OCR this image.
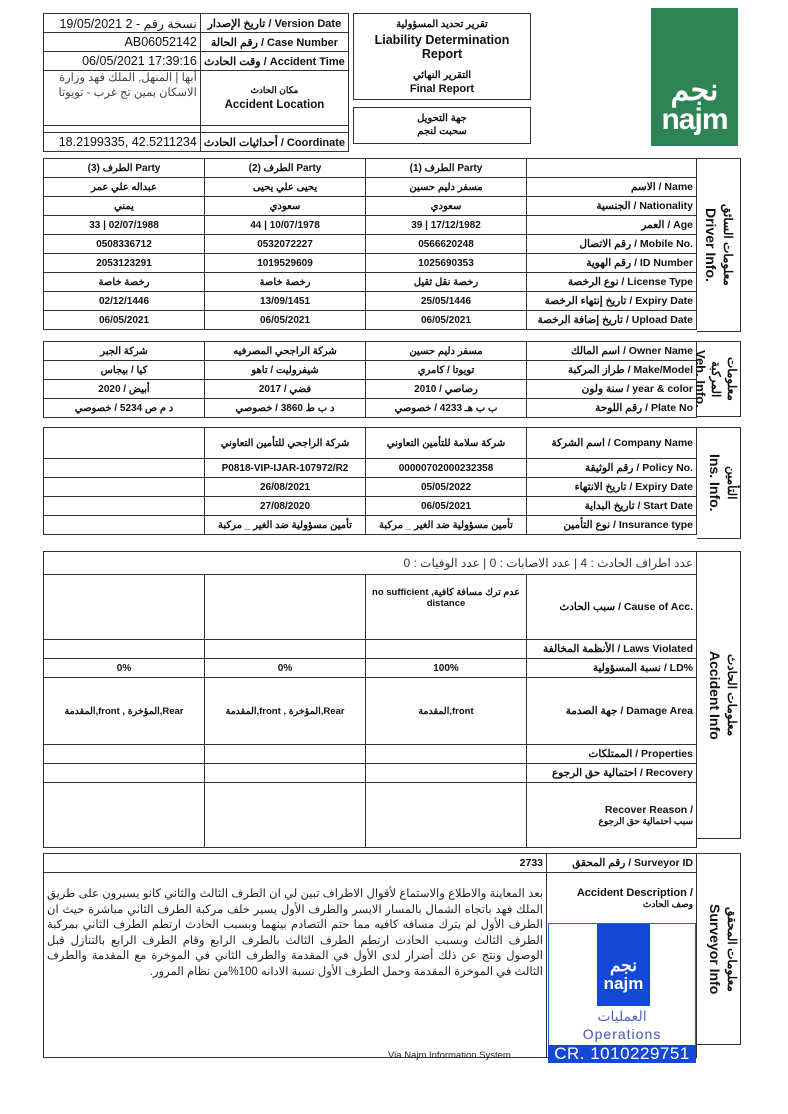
19/05/2021 نسخة رقم - 2	تاريخ الإصدار / Version Date
AB06052142	رقم الحالة / Case Number
06/05/2021 17:39:16	وقت الحادث / Accident Time
أبها | المنهل, الملك فهد وزارة الاسكان يمين تج غرب - تويوتا	مكان الحادث
Accident Location

18.2199335, 42.5211234	أحداثيات الحادث / Coordinate
تقرير تحديد المسؤولية
Liability Determination Report
التقرير النهائي
Final Report
جهة التحويل
سحبت لنجم
نجم
najm
الطرف (3) Party	الطرف (2) Party	الطرف (1) Party	
عبداله علي عمر	يحيى علي يحيى	مسفر دليم حسين	الاسم / Name
يمني	سعودي	سعودي	الجنسية / Nationality
33 | 02/07/1988	44 | 10/07/1978	39 | 17/12/1982	العمر / Age
0508336712	0532072227	0566620248	رقم الاتصال / Mobile No.
2053123291	1019529609	1025690353	رقم الهوية / ID Number
رخصة خاصة	رخصة خاصة	رخصة نقل ثقيل	نوع الرخصة / License Type
02/12/1446	13/09/1451	25/05/1446	تاريخ إنتهاء الرخصة / Expiry Date
06/05/2021	06/05/2021	06/05/2021	تاريخ إضافة الرخصة / Upload Date
معلومات السائق
Driver Info.
شركة الجبر	شركة الراجحي المصرفيه	مسفر دليم حسين	اسم المالك / Owner Name
كيا / بيجاس	شيفروليت / تاهو	تويوتا / كامري	طراز المركبة / Make/Model
أبيض / 2020	فضي / 2017	رصاصي / 2010	سنة ولون / year & color
د م ص 5234 / خصوصي	د ب ط 3860 / خصوصي	ب ب هـ 4233 / خصوصي	رقم اللوحة / Plate No
معلومات المركبة
Veh. Info.
	شركة الراجحي للتأمين التعاوني	شركة سلامة للتأمين التعاوني	اسم الشركة / Company Name
	P0818-VIP-IJAR-107972/R2	00000702000232358	رقم الوثيقة / Policy No.
	26/08/2021	05/05/2022	تاريخ الانتهاء / Expiry Date
	27/08/2020	06/05/2021	تاريخ البداية / Start Date
	تأمين مسؤولية ضد الغير _ مركبة	تأمين مسؤولية ضد الغير _ مركبة	نوع التأمين / Insurance type
التأمين
Ins. Info.
عدد اطراف الحادث : 4 | عدد الاصابات : 0 | عدد الوفيات : 0			
		عدم ترك مسافة كافية, no sufficient distance	سبب الحادث / Cause of Acc.
			الأنظمة المخالفة / Laws Violated
0%	0%	100%	نسبة المسؤولية / LD%
المقدمة,front , المؤخرة,Rear	المقدمة,front , المؤخرة,Rear	المقدمة,front	جهة الصدمة / Damage Area
			الممتلكات / Properties
			احتمالية حق الرجوع / Recovery

			Recover Reason /
سبب احتمالية حق الرجوع
معلومات الحادث
Accident Info
2733	رقم المحقق / Surveyor ID
بعد المعاينة والاطلاع والاستماع لأقوال الاطراف تبين لي ان الطرف الثالث والثاني كانو يسيرون على طريق الملك فهد باتجاه الشمال بالمسار الايسر والطرف الأول يسير خلف مركبة الطرف الثاني مباشرة حيث ان الطرف الأول لم يترك مسافه كافيه مما حتم التصادم بينهما وبسبب الحادث ارتطم الطرف الثاني بمركبة الطرف الثالث وبسبب الحادث ارتطم الطرف الثالث بالطرف الرابع وقام الطرف الرابع بالتنازل قبل الوصول ونتج عن ذلك أضرار لدى الأول في المقدمة والطرف الثاني في الموخرة مع المقدمة والطرف الثالث في الموخرة المقدمة وحمل الطرف الأول نسبة الادانه 100%من نظام المرور.	Accident Description /
وصف الحادث
معلومات المحقق
Surveyor Info
نجم
najm
العمليات
Operations
CR. 1010229751
Via Najm Information System.
